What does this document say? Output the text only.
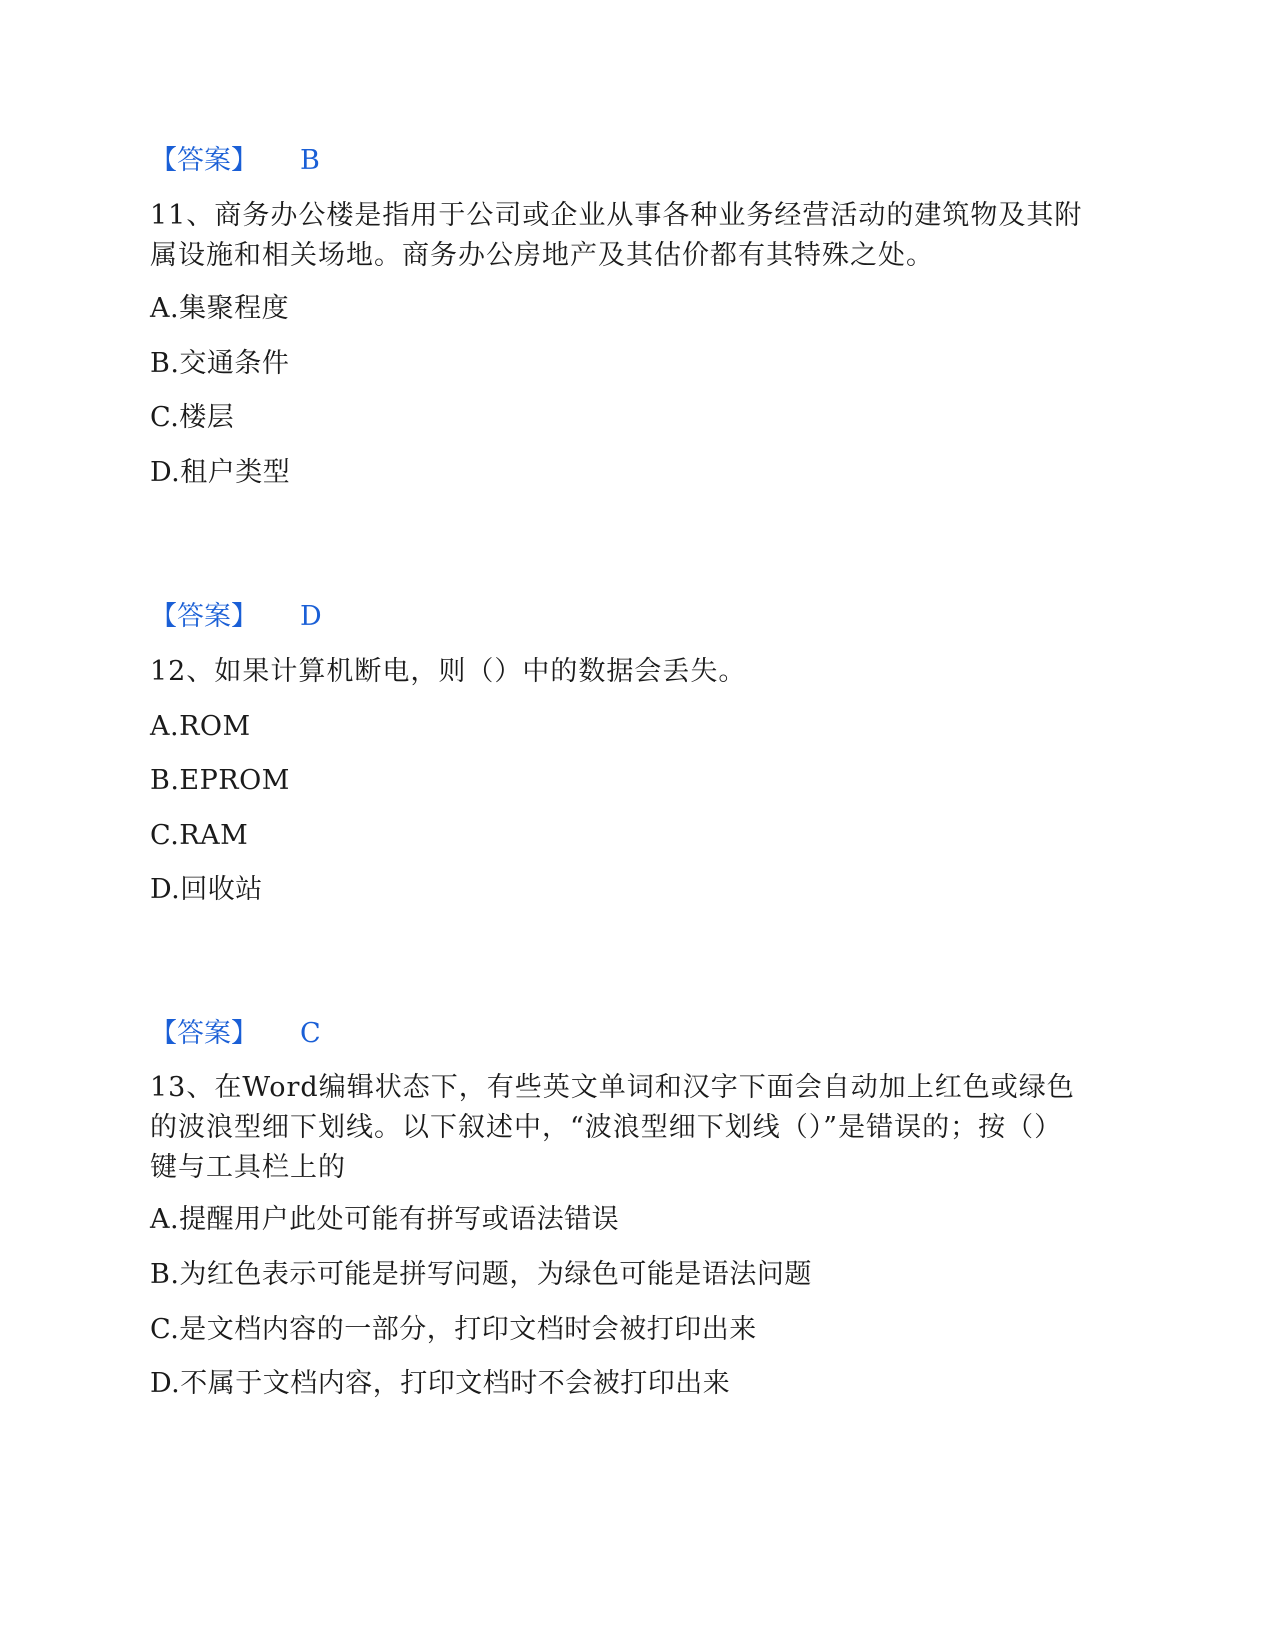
【答案】 B
11、商务办公楼是指用于公司或企业从事各种业务经营活动的建筑物及其附
属设施和相关场地。商务办公房地产及其估价都有其特殊之处。
A.集聚程度
B.交通条件
C.楼层
D.租户类型
【答案】 D
12、如果计算机断电，则（）中的数据会丢失。
A.ROM
B.EPROM
C.RAM
D.回收站
【答案】 C
13、在Word编辑状态下，有些英文单词和汉字下面会自动加上红色或绿色
的波浪型细下划线。以下叙述中，“波浪型细下划线（）”是错误的；按（）
键与工具栏上的
A.提醒用户此处可能有拼写或语法错误
B.为红色表示可能是拼写问题，为绿色可能是语法问题
C.是文档内容的一部分，打印文档时会被打印出来
D.不属于文档内容，打印文档时不会被打印出来
